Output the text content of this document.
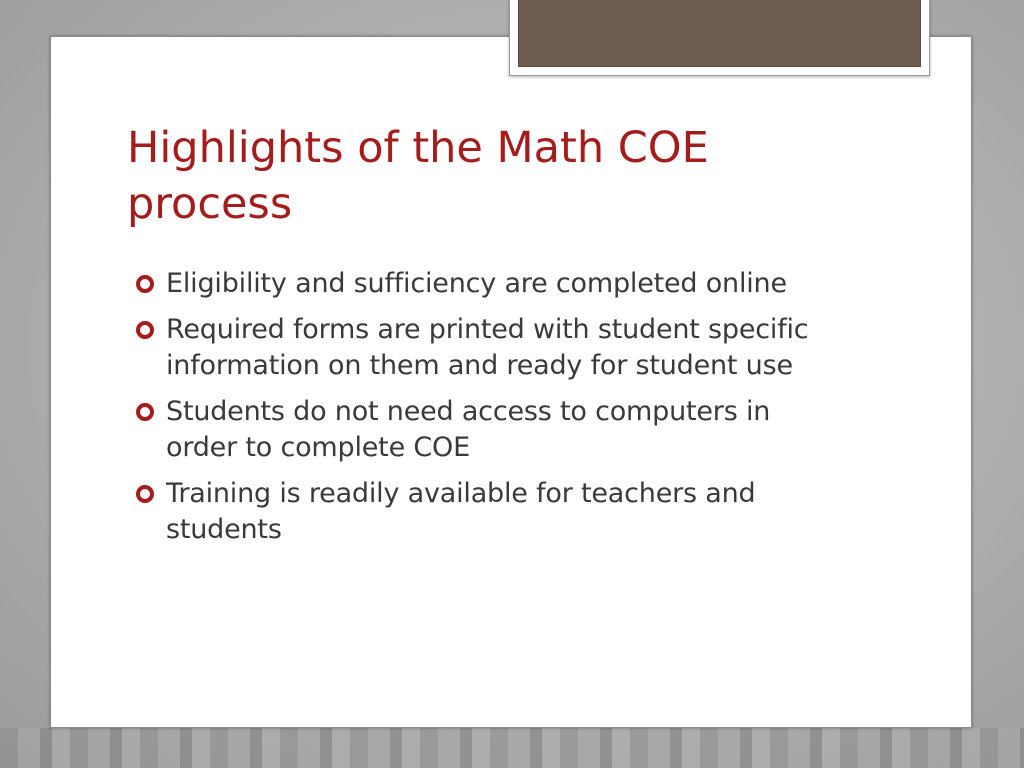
Highlights of the Math COE process
Eligibility and sufficiency are completed online
Required forms are printed with student specific information on them and ready for student use
Students do not need access to computers in order to complete COE
Training is readily available for teachers and students
